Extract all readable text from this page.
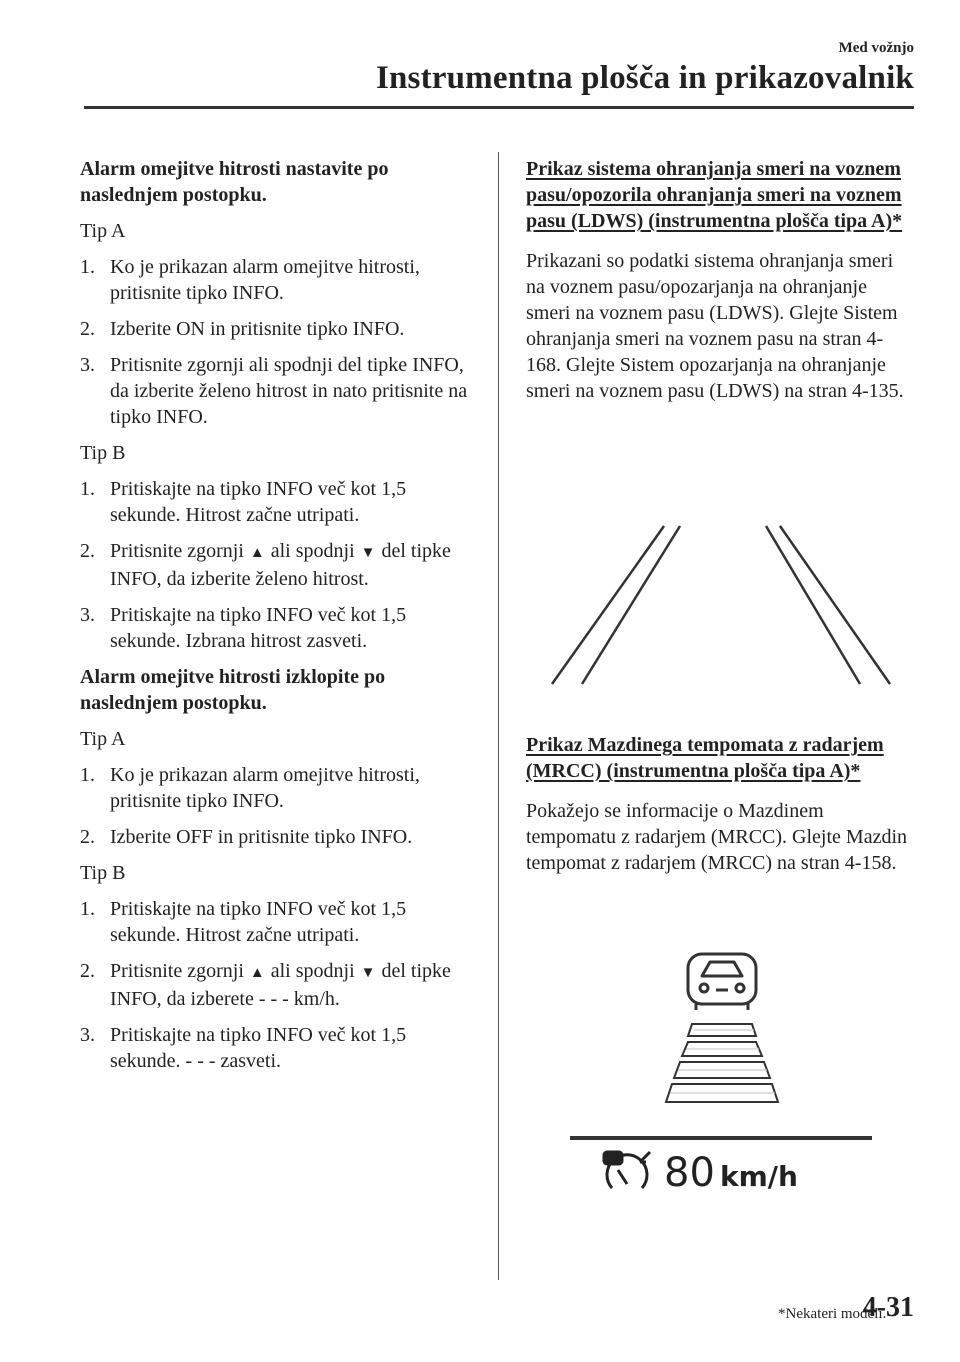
Med vožnjo
Instrumentna plošča in prikazovalnik

Alarm omejitve hitrosti nastavite po naslednjem postopku.

Tip A

1. Ko je prikazan alarm omejitve hitrosti, pritisnite tipko INFO.
2. Izberite ON in pritisnite tipko INFO.
3. Pritisnite zgornji ali spodnji del tipke INFO, da izberite želeno hitrost in nato pritisnite na tipko INFO.

Tip B

1. Pritiskajte na tipko INFO več kot 1,5 sekunde. Hitrost začne utripati.
2. Pritisnite zgornji ▲ ali spodnji ▼ del tipke INFO, da izberite želeno hitrost.
3. Pritiskajte na tipko INFO več kot 1,5 sekunde. Izbrana hitrost zasveti.

Alarm omejitve hitrosti izklopite po naslednjem postopku.

Tip A

1. Ko je prikazan alarm omejitve hitrosti, pritisnite tipko INFO.
2. Izberite OFF in pritisnite tipko INFO.

Tip B

1. Pritiskajte na tipko INFO več kot 1,5 sekunde. Hitrost začne utripati.
2. Pritisnite zgornji ▲ ali spodnji ▼ del tipke INFO, da izberete - - - km/h.
3. Pritiskajte na tipko INFO več kot 1,5 sekunde. - - - zasveti.

Prikaz sistema ohranjanja smeri na voznem pasu/opozorila ohranjanja smeri na voznem pasu (LDWS) (instrumentna plošča tipa A)*

Prikazani so podatki sistema ohranjanja smeri na voznem pasu/opozarjanja na ohranjanje smeri na voznem pasu (LDWS). Glejte Sistem ohranjanja smeri na voznem pasu na stran 4-168. Glejte Sistem opozarjanja na ohranjanje smeri na voznem pasu (LDWS) na stran 4-135.

Prikaz Mazdinega tempomata z radarjem (MRCC) (instrumentna plošča tipa A)*

Pokažejo se informacije o Mazdinem tempomatu z radarjem (MRCC). Glejte Mazdin tempomat z radarjem (MRCC) na stran 4-158.

80 km/h
*Nekateri modeli.
4-31
